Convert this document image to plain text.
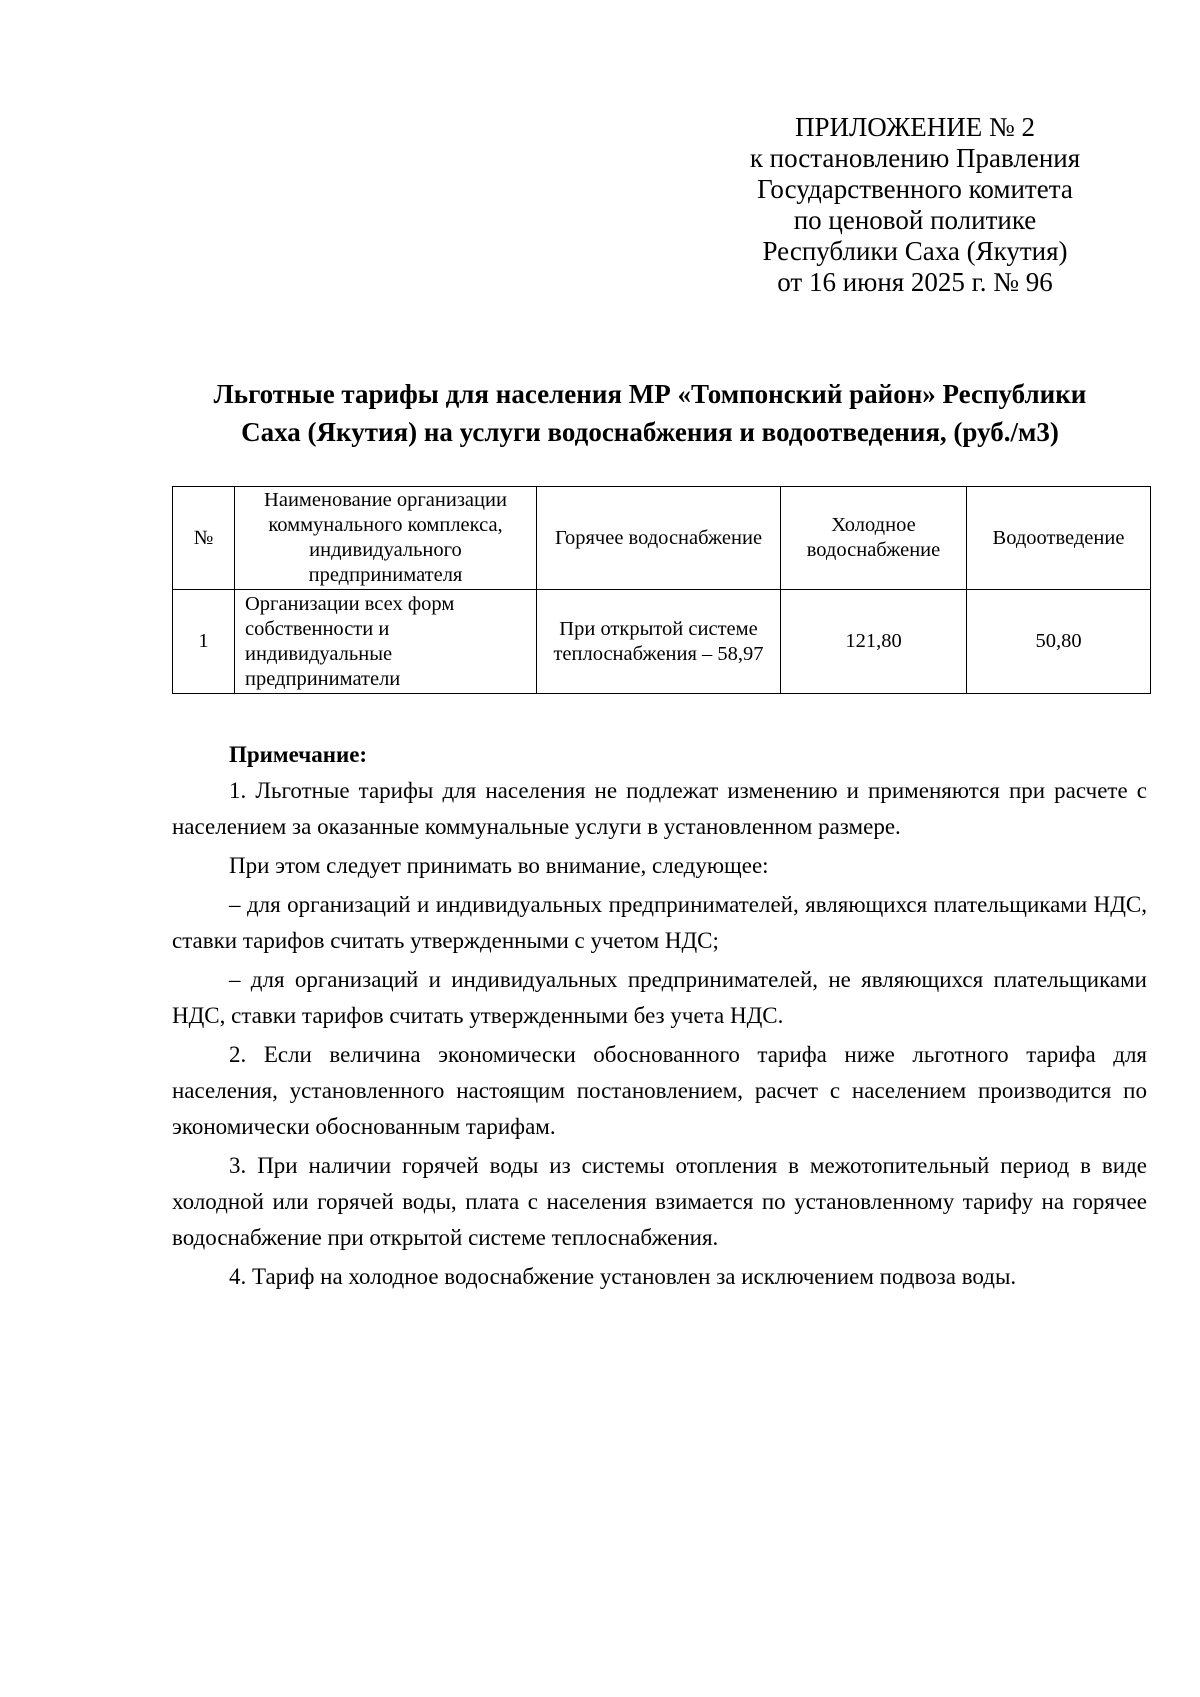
ПРИЛОЖЕНИЕ № 2
к постановлению Правления
Государственного комитета
по ценовой политике
Республики Саха (Якутия)
от 16 июня 2025 г. № 96
Льготные тарифы для населения МР «Томпонский район» Республики
Саха (Якутия) на услуги водоснабжения и водоотведения, (руб./м3)
№	Наименование организации коммунального комплекса, индивидуального предпринимателя	Горячее водоснабжение	Холодное водоснабжение	Водоотведение
1	Организации всех форм собственности и индивидуальные предприниматели	При открытой системе теплоснабжения – 58,97	121,80	50,80
Примечание:

1. Льготные тарифы для населения не подлежат изменению и применяются при расчете с населением за оказанные коммунальные услуги в установленном размере.

При этом следует принимать во внимание, следующее:

– для организаций и индивидуальных предпринимателей, являющихся плательщиками НДС, ставки тарифов считать утвержденными с учетом НДС;

– для организаций и индивидуальных предпринимателей, не являющихся плательщиками НДС, ставки тарифов считать утвержденными без учета НДС.

2. Если величина экономически обоснованного тарифа ниже льготного тарифа для населения, установленного настоящим постановлением, расчет с населением производится по экономически обоснованным тарифам.

3. При наличии горячей воды из системы отопления в межотопительный период в виде холодной или горячей воды, плата с населения взимается по установленному тарифу на горячее водоснабжение при открытой системе теплоснабжения.

4. Тариф на холодное водоснабжение установлен за исключением подвоза воды.
